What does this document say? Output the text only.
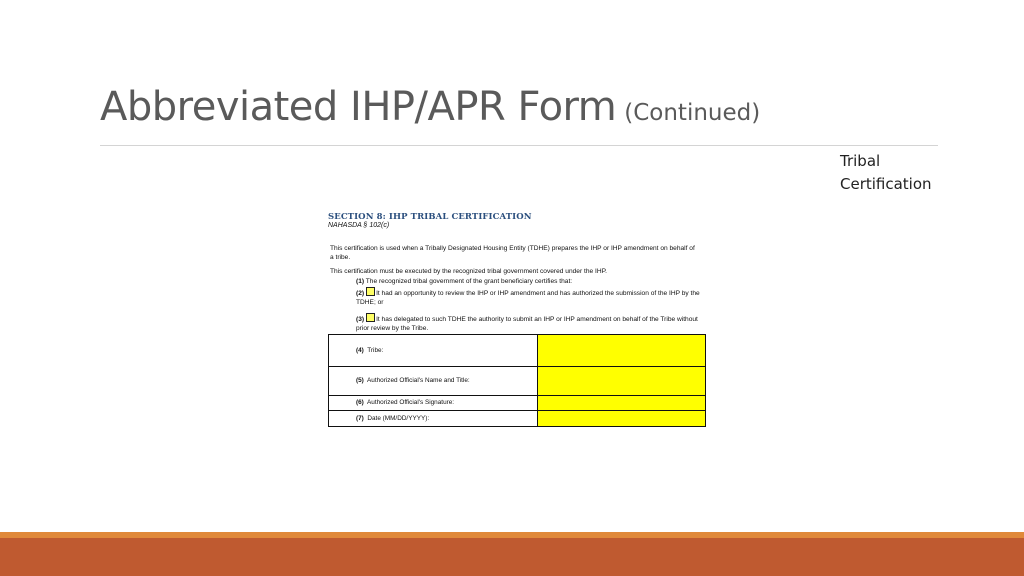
Abbreviated IHP/APR Form (Continued)
Tribal Certification
SECTION 8: IHP TRIBAL CERTIFICATION
NAHASDA § 102(c)
This certification is used when a Tribally Designated Housing Entity (TDHE) prepares the IHP or IHP amendment on behalf of a tribe.
This certification must be executed by the recognized tribal government covered under the IHP.
(1) The recognized tribal government of the grant beneficiary certifies that:
(2) It had an opportunity to review the IHP or IHP amendment and has authorized the submission of the IHP by the TDHE; or
(3) It has delegated to such TDHE the authority to submit an IHP or IHP amendment on behalf of the Tribe without prior review by the Tribe.
(4) Tribe:	
(5) Authorized Official's Name and Title:	
(6) Authorized Official's Signature:	
(7) Date (MM/DD/YYYY):	
